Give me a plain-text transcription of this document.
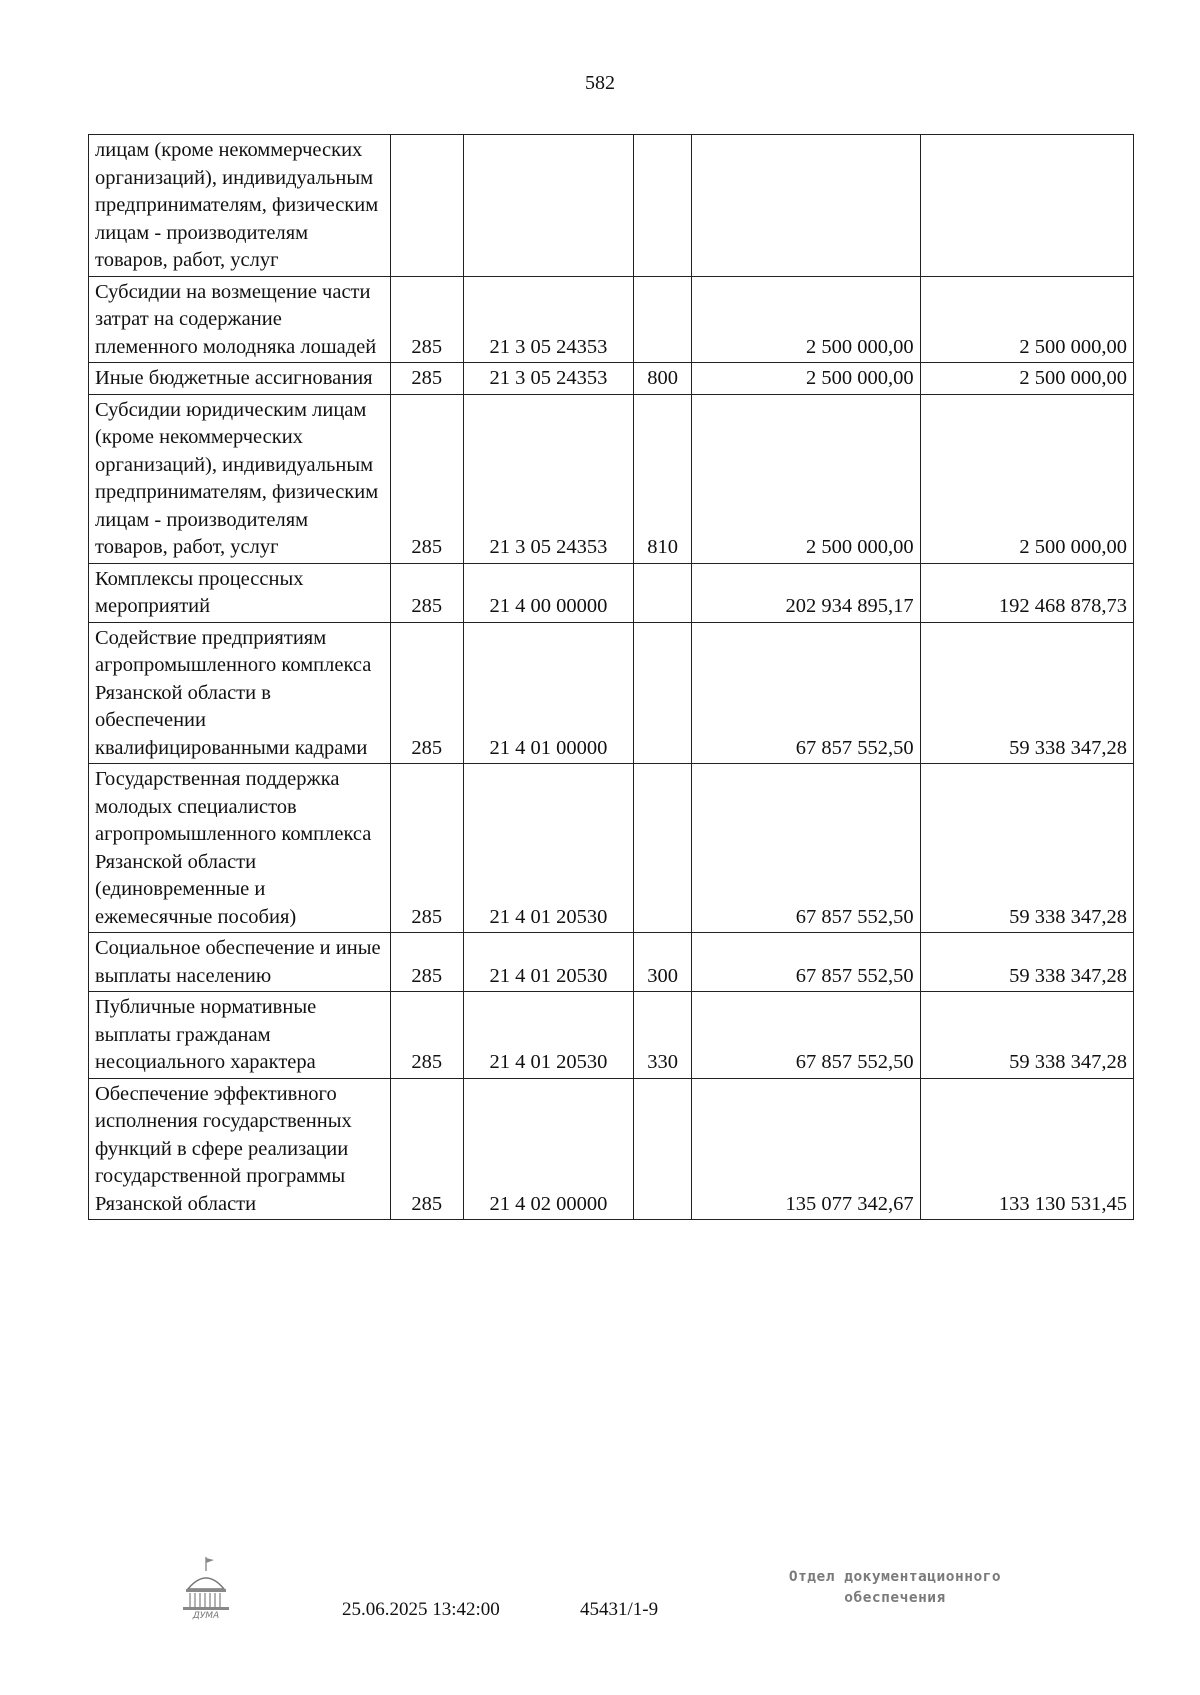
582
лицам (кроме некоммерческих организаций), индивидуальным предпринимателям, физическим лицам - производителям товаров, работ, услуг					
Субсидии на возмещение части затрат на содержание племенного молодняка лошадей	285	21 3 05 24353		2 500 000,00	2 500 000,00
Иные бюджетные ассигнования	285	21 3 05 24353	800	2 500 000,00	2 500 000,00
Субсидии юридическим лицам (кроме некоммерческих организаций), индивидуальным предпринимателям, физическим лицам - производителям товаров, работ, услуг	285	21 3 05 24353	810	2 500 000,00	2 500 000,00
Комплексы процессных мероприятий	285	21 4 00 00000		202 934 895,17	192 468 878,73
Содействие предприятиям агропромышленного комплекса Рязанской области в обеспечении квалифицированными кадрами	285	21 4 01 00000		67 857 552,50	59 338 347,28
Государственная поддержка молодых специалистов агропромышленного комплекса Рязанской области (единовременные и ежемесячные пособия)	285	21 4 01 20530		67 857 552,50	59 338 347,28
Социальное обеспечение и иные выплаты населению	285	21 4 01 20530	300	67 857 552,50	59 338 347,28
Публичные нормативные выплаты гражданам несоциального характера	285	21 4 01 20530	330	67 857 552,50	59 338 347,28
Обеспечение эффективного исполнения государственных функций в сфере реализации государственной программы Рязанской области	285	21 4 02 00000		135 077 342,67	133 130 531,45
ДУМА	25.06.2025 13:42:00	45431/1-9
Отдел документационного
обеспечения
